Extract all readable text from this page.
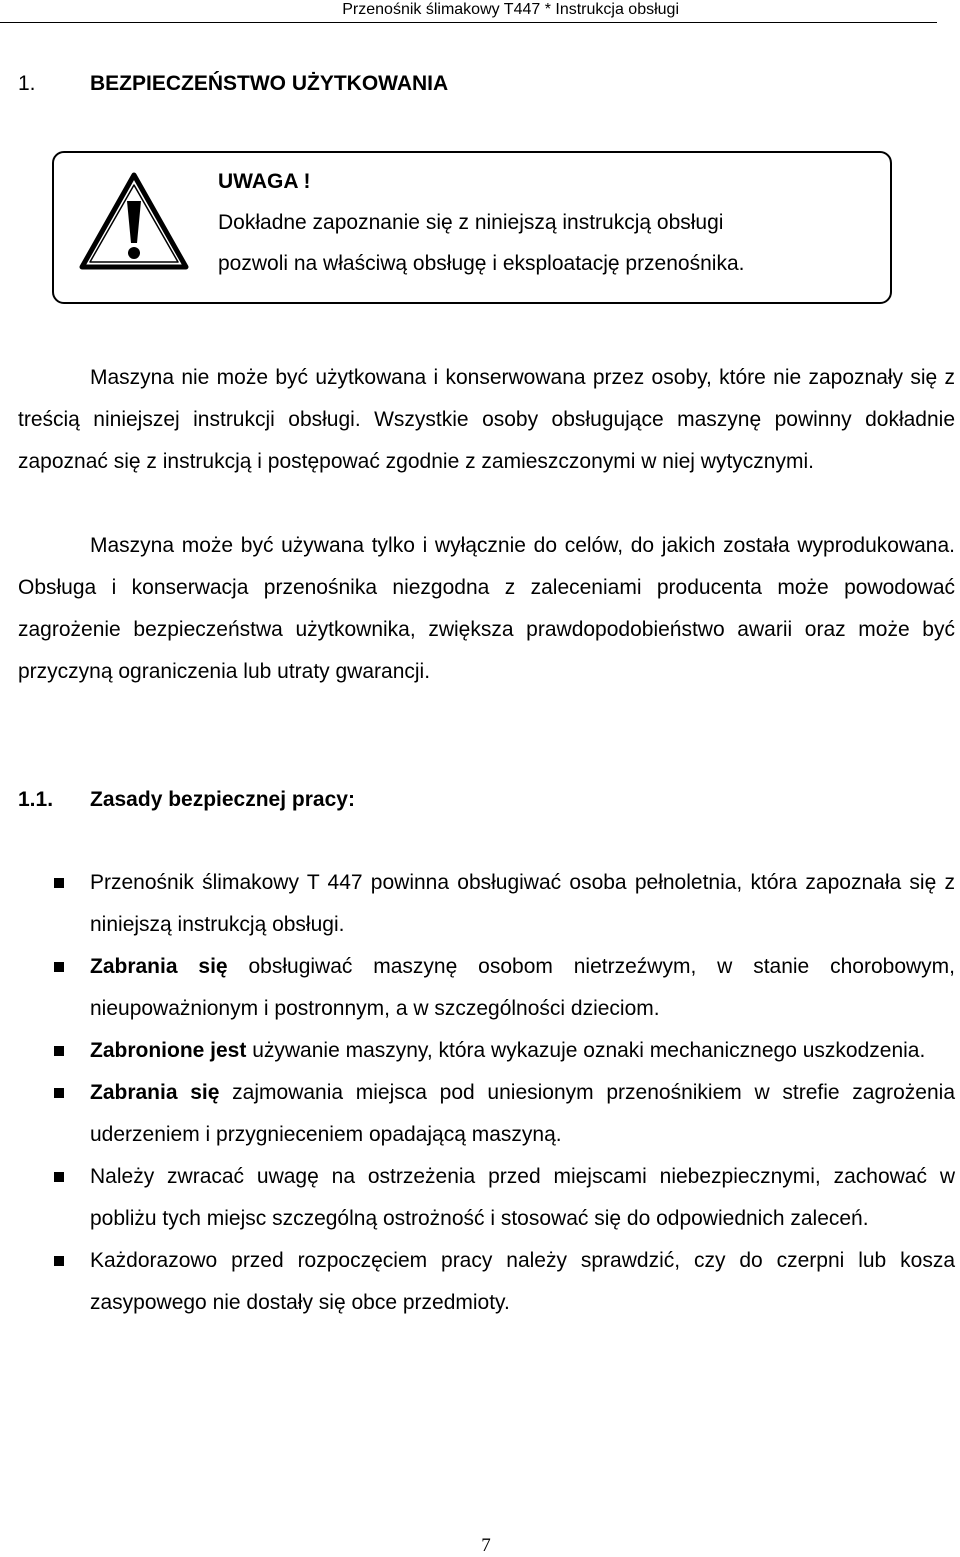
Przenośnik ślimakowy T447 * Instrukcja obsługi
1.	BEZPIECZEŃSTWO UŻYTKOWANIA
UWAGA !
Dokładne zapoznanie się z niniejszą instrukcją obsługi
pozwoli na właściwą obsługę i eksploatację przenośnika.
Maszyna nie może być użytkowana i konserwowana przez osoby, które nie zapoznały się z treścią niniejszej instrukcji obsługi. Wszystkie osoby obsługujące maszynę powinny dokładnie zapoznać się z instrukcją i postępować zgodnie z zamieszczonymi w niej wytycznymi.
Maszyna może być używana tylko i wyłącznie do celów, do jakich została wyprodukowana. Obsługa i konserwacja przenośnika niezgodna z zaleceniami producenta może powodować zagrożenie bezpieczeństwa użytkownika, zwiększa prawdopodobieństwo awarii oraz może być przyczyną ograniczenia lub utraty gwarancji.
1.1. Zasady bezpiecznej pracy:
Przenośnik ślimakowy T 447 powinna obsługiwać osoba pełnoletnia, która zapoznała się z niniejszą instrukcją obsługi.
Zabrania się obsługiwać maszynę osobom nietrzeźwym, w stanie chorobowym, nieupoważnionym i postronnym, a w szczególności dzieciom.
Zabronione jest używanie maszyny, która wykazuje oznaki mechanicznego uszkodzenia.
Zabrania się zajmowania miejsca pod uniesionym przenośnikiem w strefie zagrożenia uderzeniem i przygnieceniem opadającą maszyną.
Należy zwracać uwagę na ostrzeżenia przed miejscami niebezpiecznymi, zachować w pobliżu tych miejsc szczególną ostrożność i stosować się do odpowiednich zaleceń.
Każdorazowo przed rozpoczęciem pracy należy sprawdzić, czy do czerpni lub kosza zasypowego nie dostały się obce przedmioty.
7
